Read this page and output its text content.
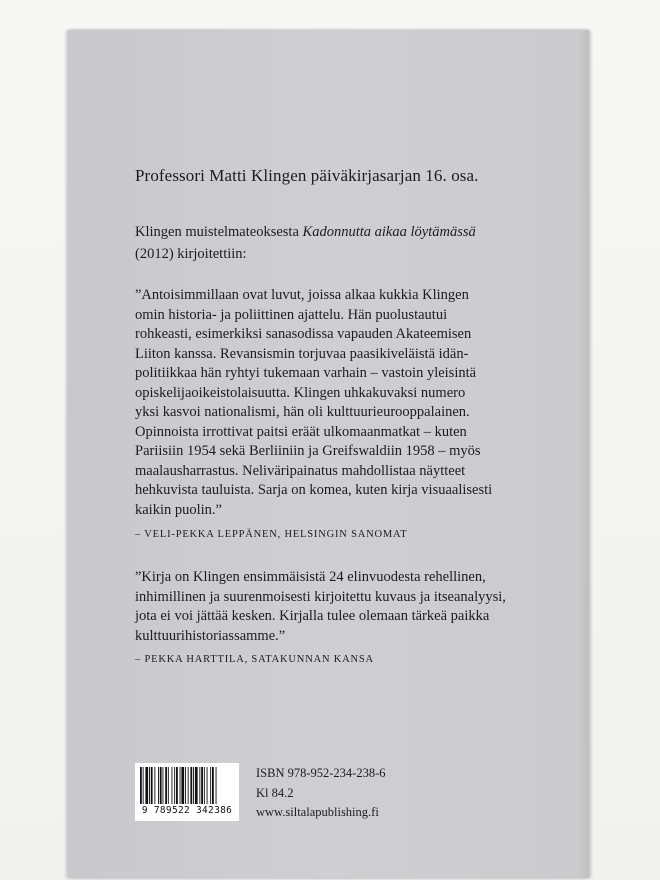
Professori Matti Klingen päiväkirjasarjan 16. osa.
Klingen muistelmateoksesta Kadonnutta aikaa löytämässä
(2012) kirjoitettiin:
”Antoisimmillaan ovat luvut, joissa alkaa kukkia Klingen
omin historia- ja poliittinen ajattelu. Hän puolustautui
rohkeasti, esimerkiksi sanasodissa vapauden Akateemisen
Liiton kanssa. Revansismin torjuvaa paasikiveläistä idän-
politiikkaa hän ryhtyi tukemaan varhain – vastoin yleisintä
opiskelijaoikeistolaisuutta. Klingen uhkakuvaksi numero
yksi kasvoi nationalismi, hän oli kulttuurieurooppalainen.
Opinnoista irrottivat paitsi eräät ulkomaanmatkat – kuten
Pariisiin 1954 sekä Berliiniin ja Greifswaldiin 1958 – myös
maalausharrastus. Neliväripainatus mahdollistaa näytteet
hehkuvista tauluista. Sarja on komea, kuten kirja visuaalisesti
kaikin puolin.”
– VELI-PEKKA LEPPÄNEN, HELSINGIN SANOMAT
”Kirja on Klingen ensimmäisistä 24 elinvuodesta rehellinen,
inhimillinen ja suurenmoisesti kirjoitettu kuvaus ja itseanalyysi,
jota ei voi jättää kesken. Kirjalla tulee olemaan tärkeä paikka
kulttuurihistoriassamme.”
– PEKKA HARTTILA, SATAKUNNAN KANSA
9 789522 342386
ISBN 978-952-234-238-6
Kl 84.2
www.siltalapublishing.fi
